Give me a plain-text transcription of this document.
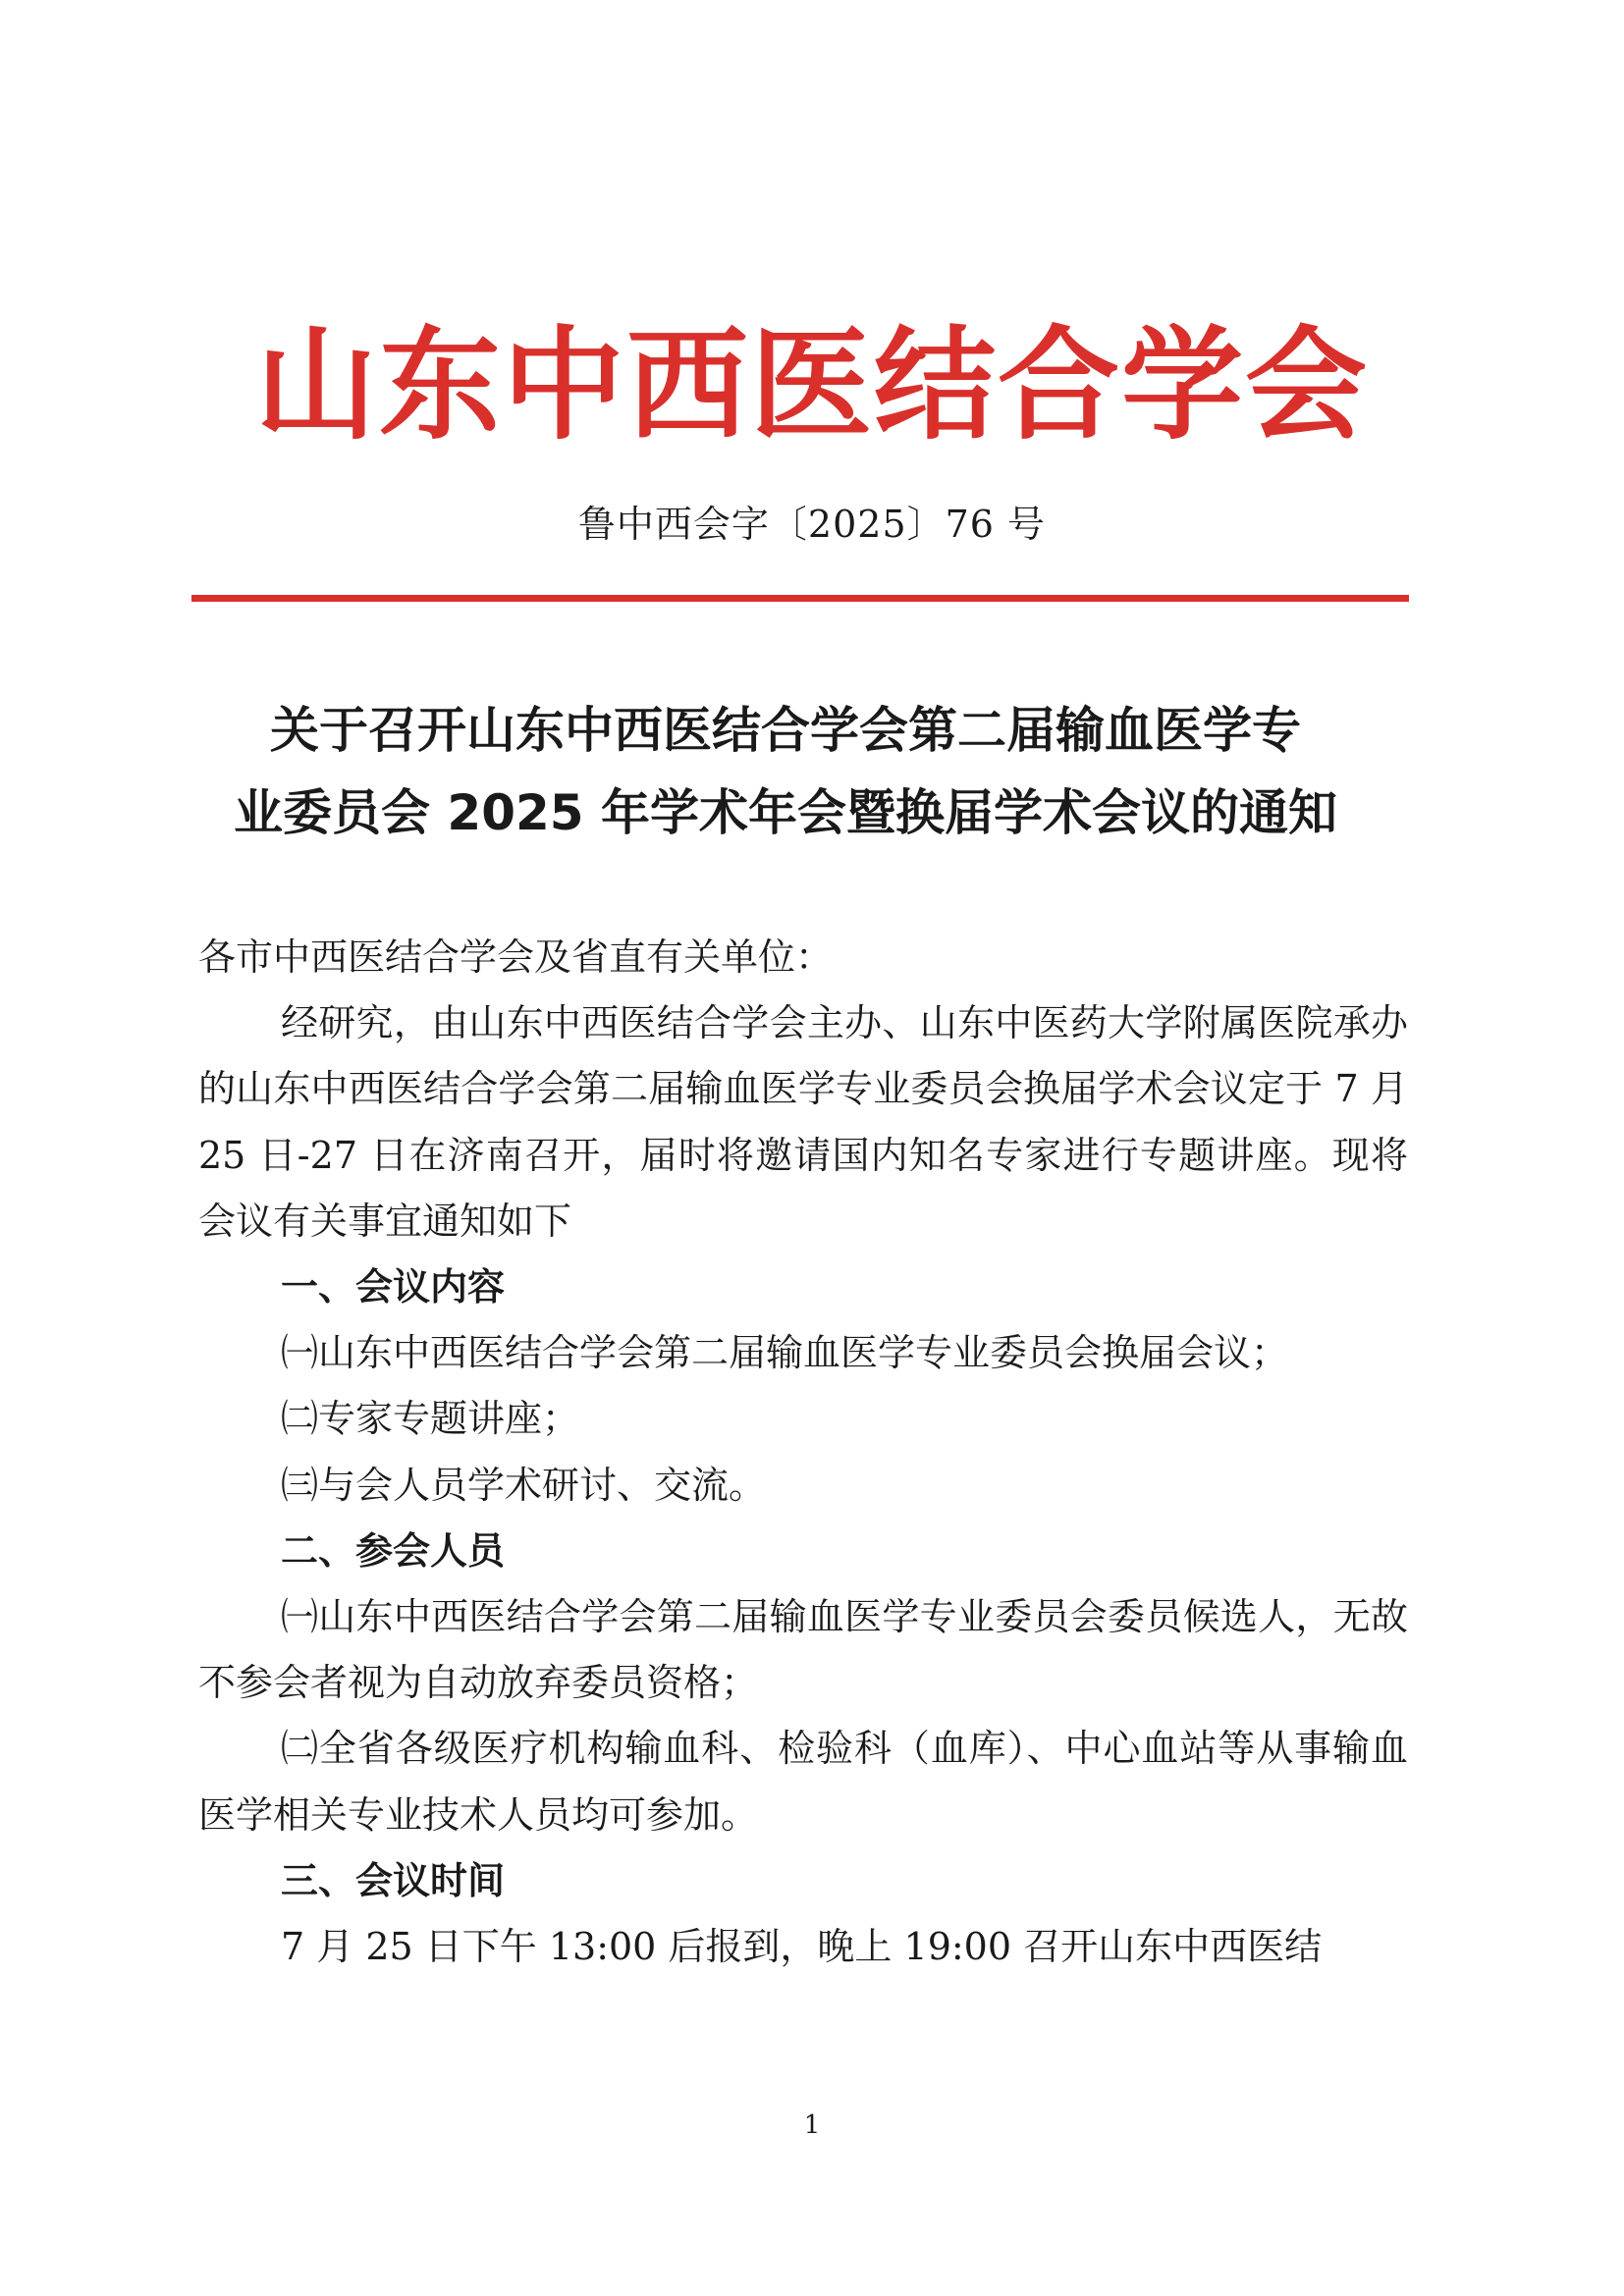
山东中西医结合学会
鲁中西会字〔2025〕76 号
关于召开山东中西医结合学会第二届输血医学专
业委员会 2025 年学术年会暨换届学术会议的通知

各市中西医结合学会及省直有关单位：

经研究，由山东中西医结合学会主办、山东中医药大学附属医院承办的山东中西医结合学会第二届输血医学专业委员会换届学术会议定于 7 月 25 日-27 日在济南召开，届时将邀请国内知名专家进行专题讲座。现将会议有关事宜通知如下

一、会议内容

㈠山东中西医结合学会第二届输血医学专业委员会换届会议；

㈡专家专题讲座；

㈢与会人员学术研讨、交流。

二、参会人员

㈠山东中西医结合学会第二届输血医学专业委员会委员候选人，无故不参会者视为自动放弃委员资格；

㈡全省各级医疗机构输血科、检验科（血库）、中心血站等从事输血医学相关专业技术人员均可参加。

三、会议时间

7 月 25 日下午 13:00 后报到，晚上 19:00 召开山东中西医结

1
